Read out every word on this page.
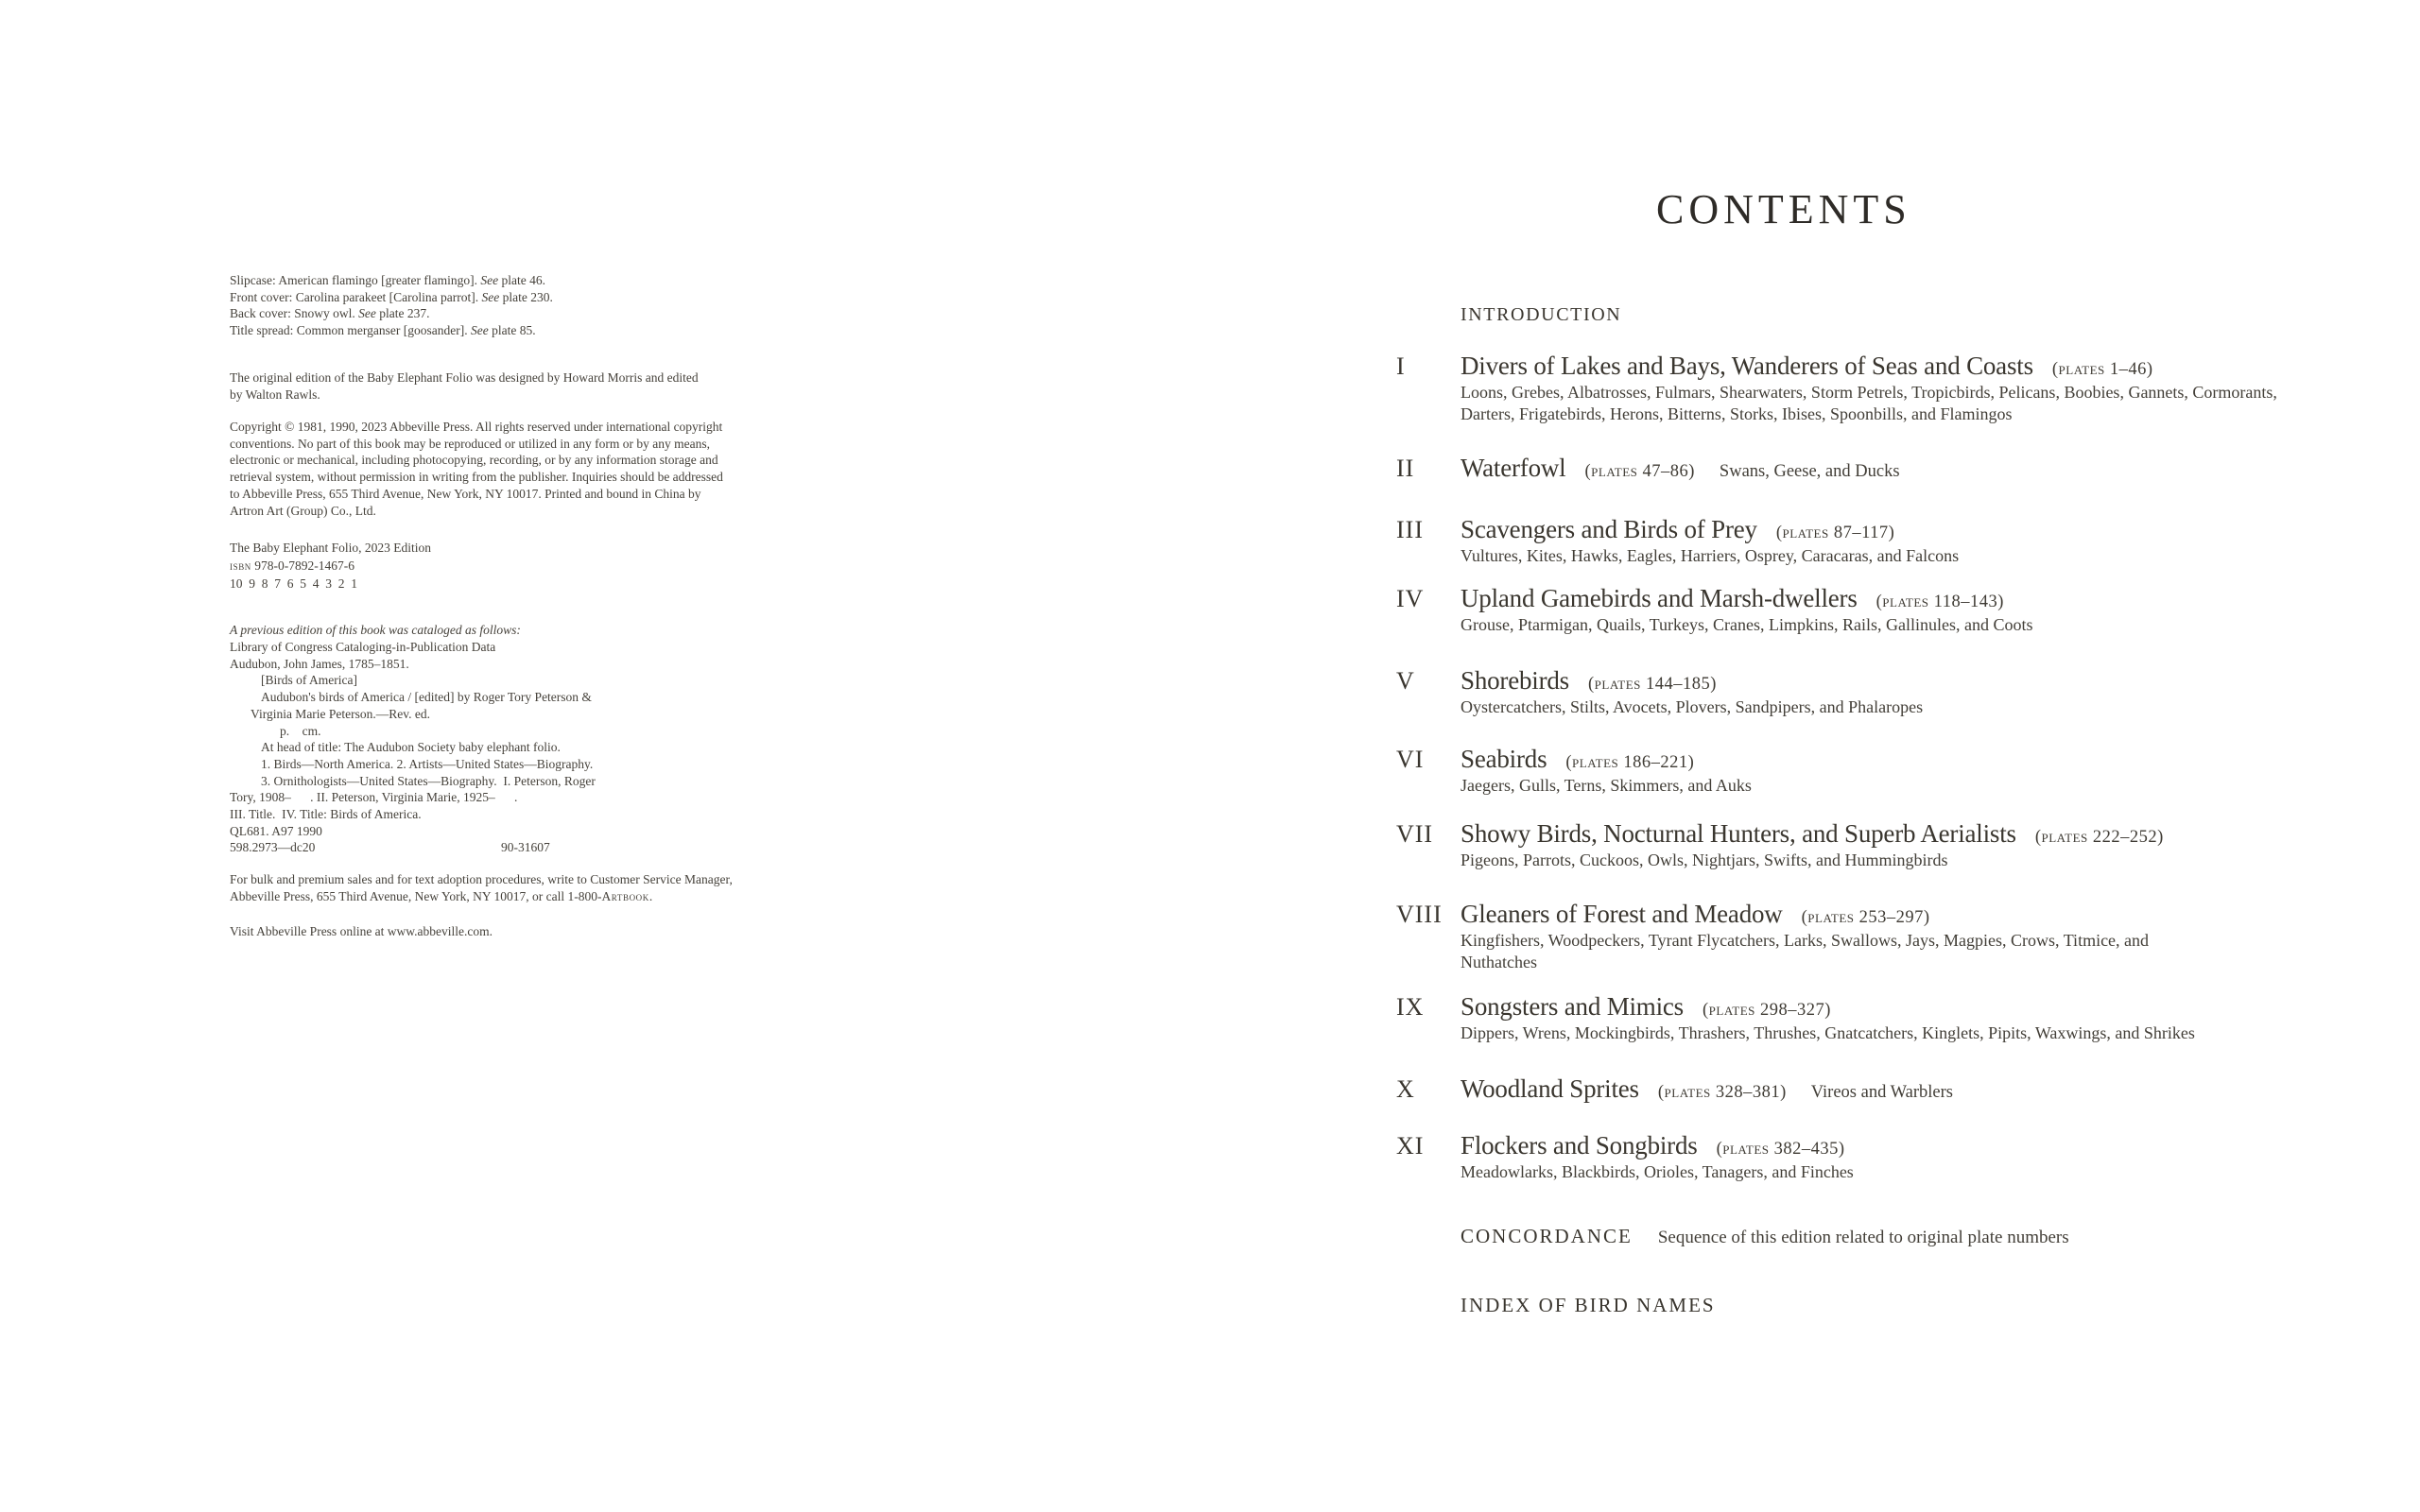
Slipcase: American flamingo [greater flamingo]. See plate 46.
Front cover: Carolina parakeet [Carolina parrot]. See plate 230.
Back cover: Snowy owl. See plate 237.
Title spread: Common merganser [goosander]. See plate 85.
The original edition of the Baby Elephant Folio was designed by Howard Morris and edited
by Walton Rawls.
Copyright © 1981, 1990, 2023 Abbeville Press. All rights reserved under international copyright
conventions. No part of this book may be reproduced or utilized in any form or by any means,
electronic or mechanical, including photocopying, recording, or by any information storage and
retrieval system, without permission in writing from the publisher. Inquiries should be addressed
to Abbeville Press, 655 Third Avenue, New York, NY 10017. Printed and bound in China by
Artron Art (Group) Co., Ltd.
The Baby Elephant Folio, 2023 Edition
isbn 978-0-7892-1467-6
10  9  8  7  6  5  4  3  2  1
A previous edition of this book was cataloged as follows:
Library of Congress Cataloging-in-Publication Data
Audubon, John James, 1785–1851.
[Birds of America]
Audubon's birds of America / [edited] by Roger Tory Peterson &
Virginia Marie Peterson.—Rev. ed.
p.    cm.
At head of title: The Audubon Society baby elephant folio.
1. Birds—North America. 2. Artists—United States—Biography.
3. Ornithologists—United States—Biography.  I. Peterson, Roger
Tory, 1908–      . II. Peterson, Virginia Marie, 1925–      .
III. Title.  IV. Title: Birds of America.
QL681. A97 1990
598.2973—dc20	90-31607
For bulk and premium sales and for text adoption procedures, write to Customer Service Manager,
Abbeville Press, 655 Third Avenue, New York, NY 10017, or call 1-800-Artbook.
Visit Abbeville Press online at www.abbeville.com.
CONTENTS
INTRODUCTION
I	Divers of Lakes and Bays, Wanderers of Seas and Coasts (plates 1–46)
Loons, Grebes, Albatrosses, Fulmars, Shearwaters, Storm Petrels, Tropicbirds, Pelicans, Boobies, Gannets, Cormorants,
Darters, Frigatebirds, Herons, Bitterns, Storks, Ibises, Spoonbills, and Flamingos
II	Waterfowl (plates 47–86) Swans, Geese, and Ducks
III	Scavengers and Birds of Prey (plates 87–117)
Vultures, Kites, Hawks, Eagles, Harriers, Osprey, Caracaras, and Falcons
IV	Upland Gamebirds and Marsh-dwellers (plates 118–143)
Grouse, Ptarmigan, Quails, Turkeys, Cranes, Limpkins, Rails, Gallinules, and Coots
V	Shorebirds (plates 144–185)
Oystercatchers, Stilts, Avocets, Plovers, Sandpipers, and Phalaropes
VI	Seabirds (plates 186–221)
Jaegers, Gulls, Terns, Skimmers, and Auks
VII	Showy Birds, Nocturnal Hunters, and Superb Aerialists (plates 222–252)
Pigeons, Parrots, Cuckoos, Owls, Nightjars, Swifts, and Hummingbirds
VIII Gleaners of Forest and Meadow (plates 253–297)
Kingfishers, Woodpeckers, Tyrant Flycatchers, Larks, Swallows, Jays, Magpies, Crows, Titmice, and
Nuthatches
IX	Songsters and Mimics (plates 298–327)
Dippers, Wrens, Mockingbirds, Thrashers, Thrushes, Gnatcatchers, Kinglets, Pipits, Waxwings, and Shrikes
X	Woodland Sprites (plates 328–381) Vireos and Warblers
XI	Flockers and Songbirds (plates 382–435)
Meadowlarks, Blackbirds, Orioles, Tanagers, and Finches
CONCORDANCE Sequence of this edition related to original plate numbers
INDEX OF BIRD NAMES
